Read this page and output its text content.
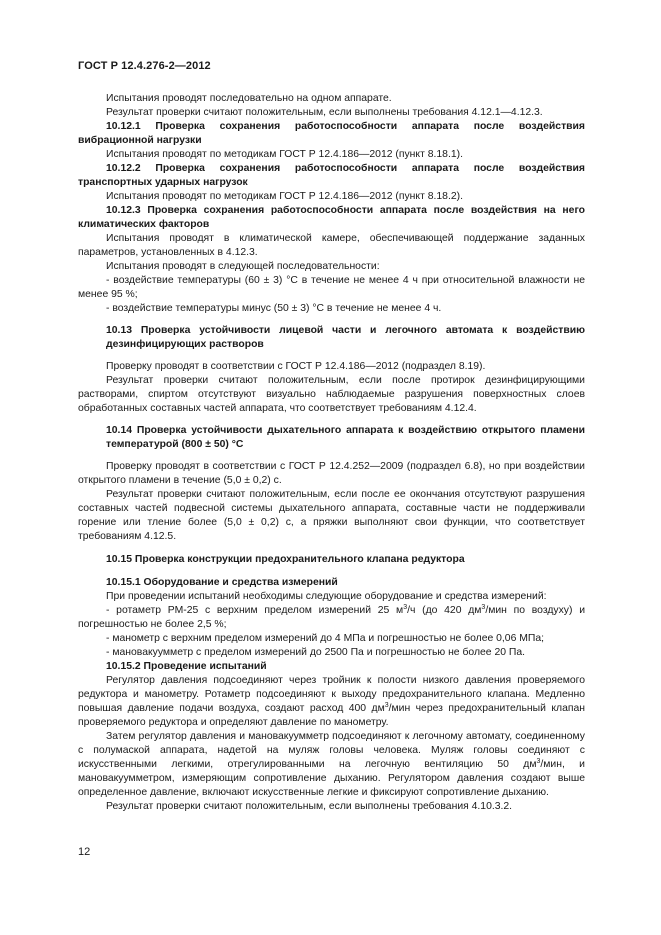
ГОСТ Р 12.4.276-2—2012

Испытания проводят последовательно на одном аппарате.

Результат проверки считают положительным, если выполнены требования 4.12.1—4.12.3.

10.12.1 Проверка сохранения работоспособности аппарата после воздействия вибрационной нагрузки

Испытания проводят по методикам ГОСТ Р 12.4.186—2012 (пункт 8.18.1).

10.12.2 Проверка сохранения работоспособности аппарата после воздействия транспортных ударных нагрузок

Испытания проводят по методикам ГОСТ Р 12.4.186—2012 (пункт 8.18.2).

10.12.3 Проверка сохранения работоспособности аппарата после воздействия на него климатических факторов

Испытания проводят в климатической камере, обеспечивающей поддержание заданных параметров, установленных в 4.12.3.

Испытания проводят в следующей последовательности:

- воздействие температуры (60 ± 3) °С в течение не менее 4 ч при относительной влажности не менее 95 %;

- воздействие температуры минус (50 ± 3) °С в течение не менее 4 ч.

10.13 Проверка устойчивости лицевой части и легочного автомата к воздействию дезинфицирующих растворов

Проверку проводят в соответствии с ГОСТ Р 12.4.186—2012 (подраздел 8.19).

Результат проверки считают положительным, если после протирок дезинфицирующими растворами, спиртом отсутствуют визуально наблюдаемые разрушения поверхностных слоев обработанных составных частей аппарата, что соответствует требованиям 4.12.4.

10.14 Проверка устойчивости дыхательного аппарата к воздействию открытого пламени температурой (800 ± 50) °С

Проверку проводят в соответствии с ГОСТ Р 12.4.252—2009 (подраздел 6.8), но при воздействии открытого пламени в течение (5,0 ± 0,2) с.

Результат проверки считают положительным, если после ее окончания отсутствуют разрушения составных частей подвесной системы дыхательного аппарата, составные части не поддерживали горение или тление более (5,0 ± 0,2) с, а пряжки выполняют свои функции, что соответствует требованиям 4.12.5.

10.15 Проверка конструкции предохранительного клапана редуктора

10.15.1 Оборудование и средства измерений

При проведении испытаний необходимы следующие оборудование и средства измерений:

- ротаметр РМ-25 с верхним пределом измерений 25 $м^3/ч$ (до 420 $дм^3$/мин по воздуху) и погрешностью не более 2,5 %;

- манометр с верхним пределом измерений до 4 МПа и погрешностью не более 0,06 МПа;

- мановакуумметр с пределом измерений до 2500 Па и погрешностью не более 20 Па.

10.15.2 Проведение испытаний

Регулятор давления подсоединяют через тройник к полости низкого давления проверяемого редуктора и манометру. Ротаметр подсоединяют к выходу предохранительного клапана. Медленно повышая давление подачи воздуха, создают расход 400 $дм^3$/мин через предохранительный клапан проверяемого редуктора и определяют давление по манометру.

Затем регулятор давления и мановакуумметр подсоединяют к легочному автомату, соединенному с полумаской аппарата, надетой на муляж головы человека. Муляж головы соединяют с искусственными легкими, отрегулированными на легочную вентиляцию 50 $дм^3$/мин, и мановакуумметром, измеряющим сопротивление дыханию. Регулятором давления создают выше определенное давление, включают искусственные легкие и фиксируют сопротивление дыханию.

Результат проверки считают положительным, если выполнены требования 4.10.3.2.

12
